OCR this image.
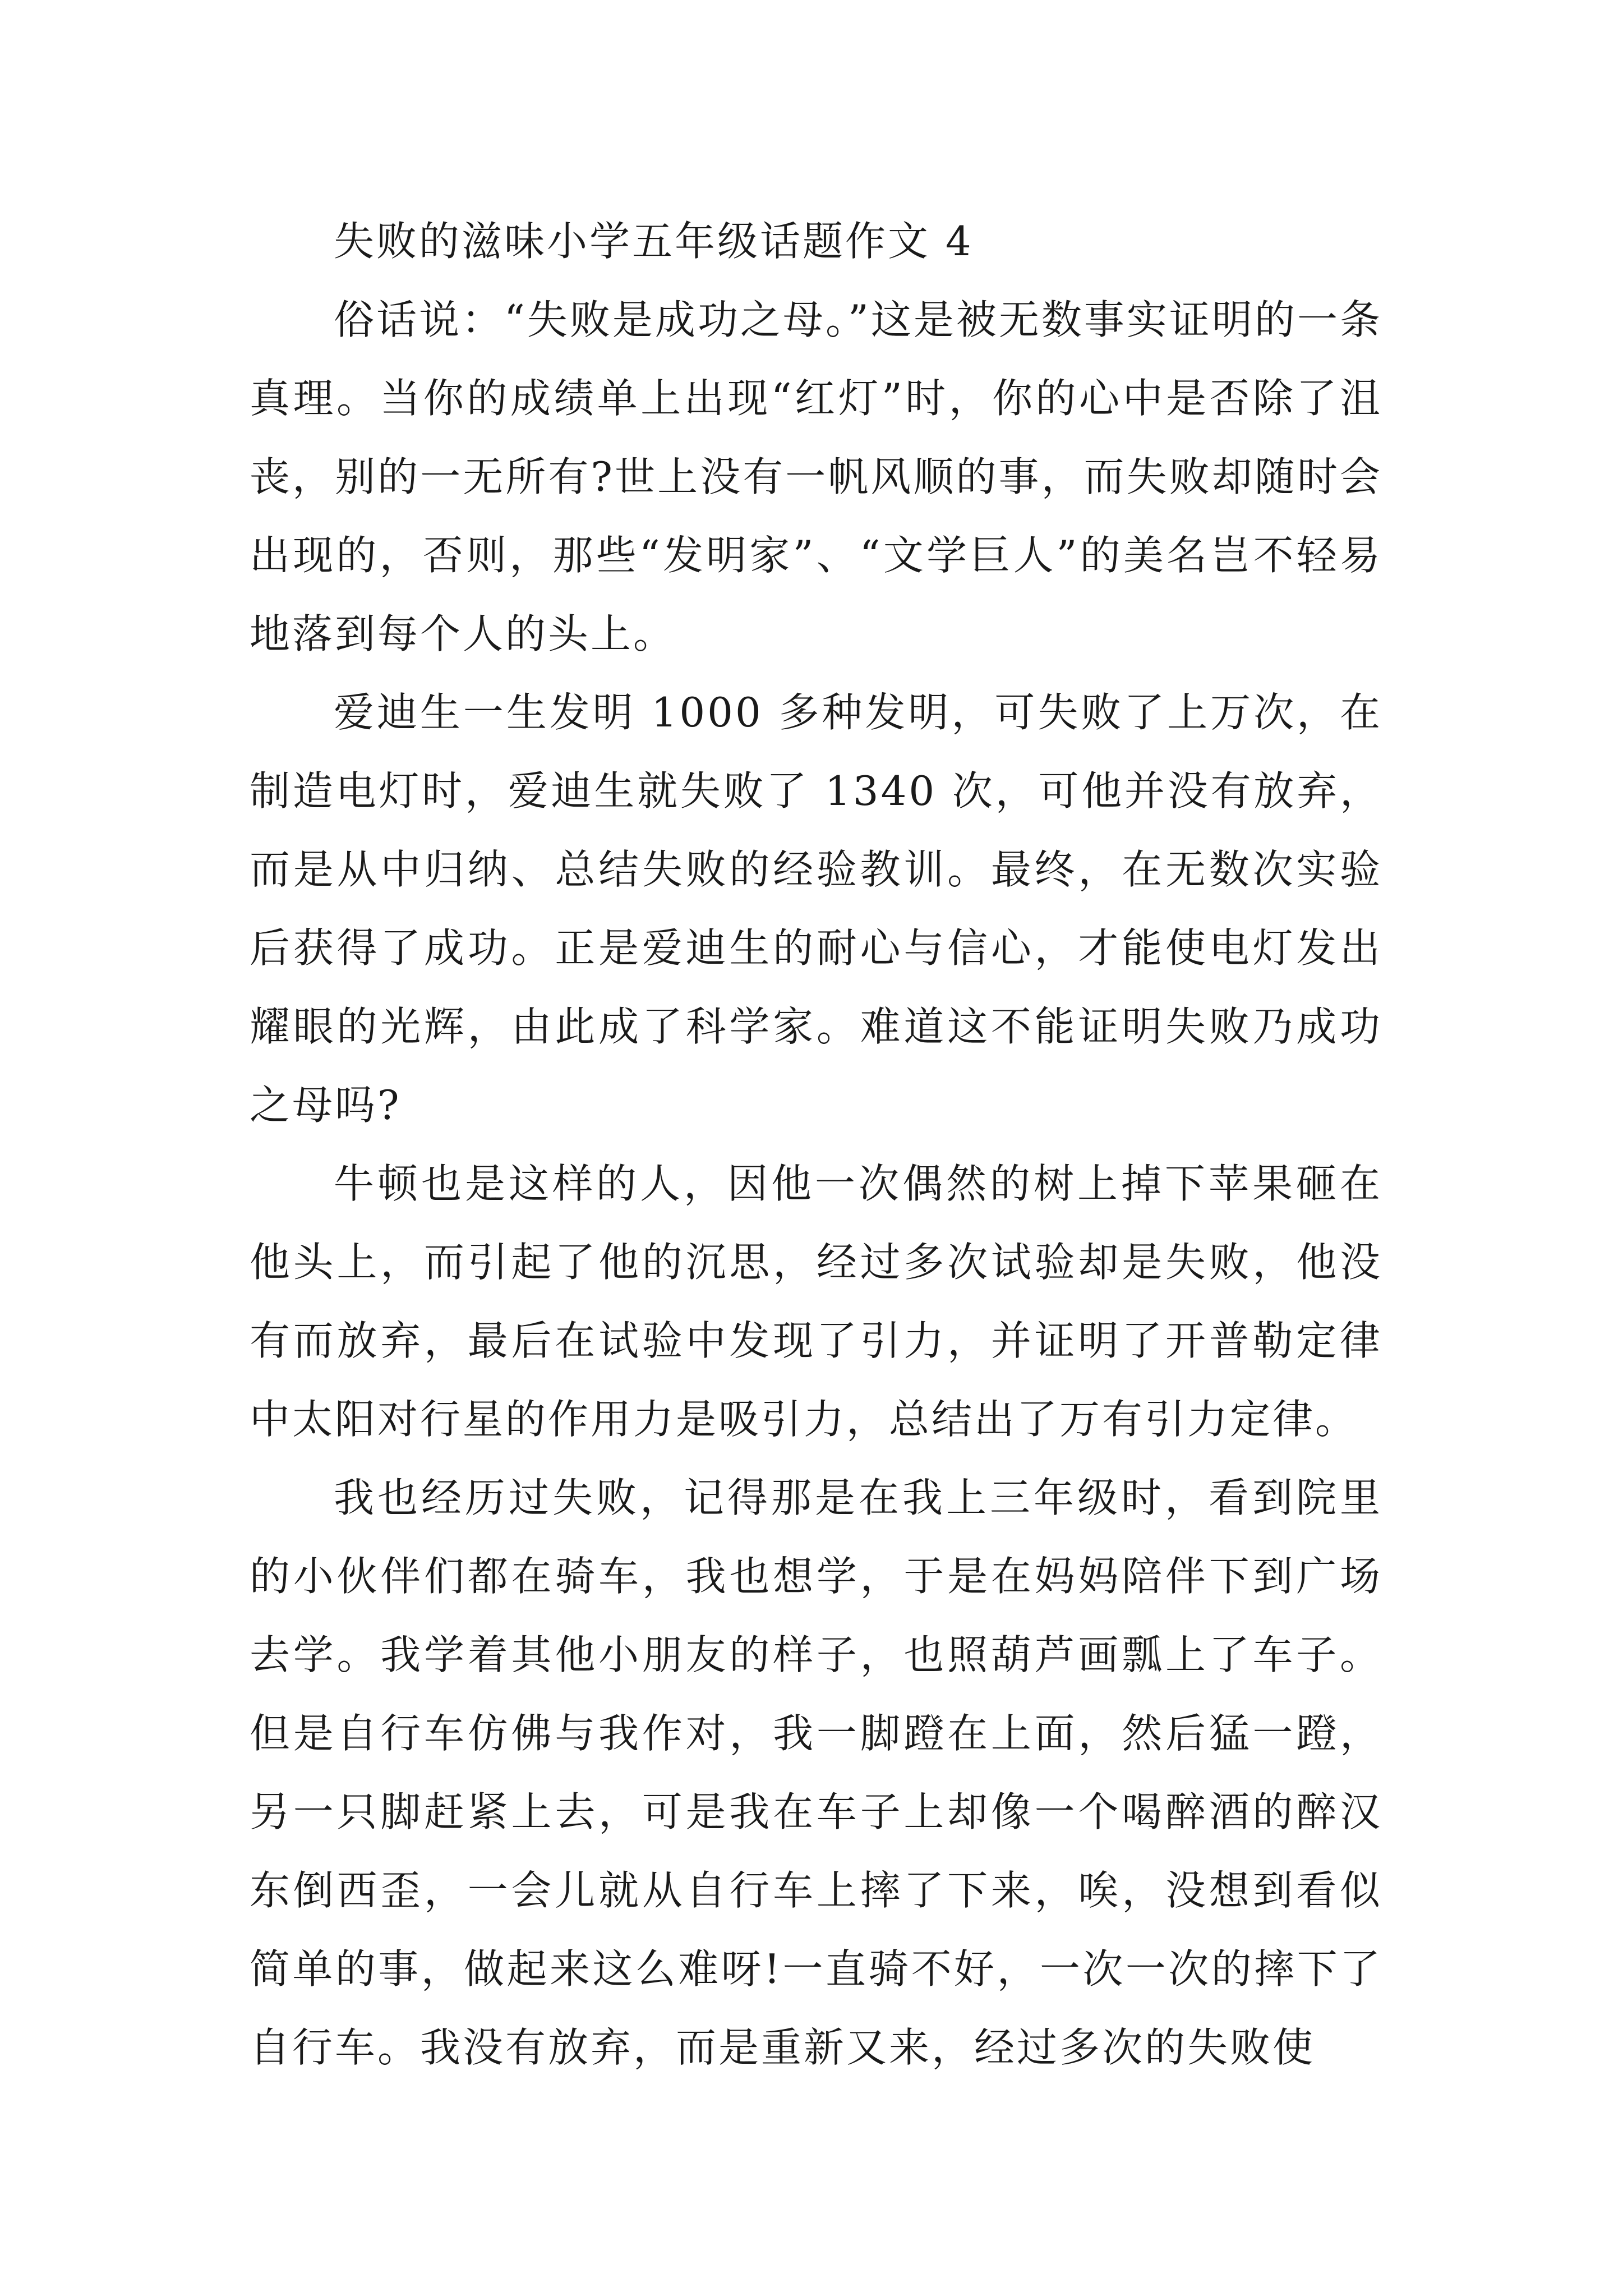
失败的滋味小学五年级话题作文 4

俗话说：“失败是成功之母。”这是被无数事实证明的一条真理。当你的成绩单上出现“红灯”时，你的心中是否除了沮丧，别的一无所有?世上没有一帆风顺的事，而失败却随时会出现的，否则，那些“发明家”、“文学巨人”的美名岂不轻易地落到每个人的头上。

爱迪生一生发明 1000 多种发明，可失败了上万次，在制造电灯时，爱迪生就失败了 1340 次，可他并没有放弃，而是从中归纳、总结失败的经验教训。最终，在无数次实验后获得了成功。正是爱迪生的耐心与信心，才能使电灯发出耀眼的光辉，由此成了科学家。难道这不能证明失败乃成功之母吗?

牛顿也是这样的人，因他一次偶然的树上掉下苹果砸在他头上，而引起了他的沉思，经过多次试验却是失败，他没有而放弃，最后在试验中发现了引力，并证明了开普勒定律中太阳对行星的作用力是吸引力，总结出了万有引力定律。

我也经历过失败，记得那是在我上三年级时，看到院里的小伙伴们都在骑车，我也想学，于是在妈妈陪伴下到广场去学。我学着其他小朋友的样子，也照葫芦画瓢上了车子。但是自行车仿佛与我作对，我一脚蹬在上面，然后猛一蹬，另一只脚赶紧上去，可是我在车子上却像一个喝醉酒的醉汉东倒西歪，一会儿就从自行车上摔了下来，唉，没想到看似简单的事，做起来这么难呀!一直骑不好，一次一次的摔下了自行车。我没有放弃，而是重新又来，经过多次的失败使
